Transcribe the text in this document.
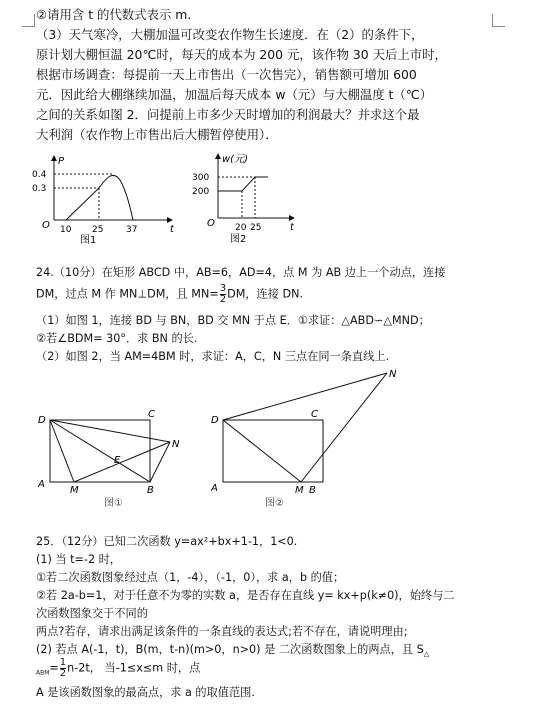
②请用含 t 的代数式表示 m.
（3）天气寒冷，大棚加温可改变农作物生长速度．在（2）的条件下，
原计划大棚恒温 20℃时，每天的成本为 200 元，该作物 30 天后上市时，
根据市场调查：每提前一天上市售出（一次售完），销售额可增加 600
元．因此给大棚继续加温，加温后每天成本 w（元）与大棚温度 t（℃）
之间的关系如图 2．问提前上市多少天时增加的利润最大？并求这个最
大利润（农作物上市售出后大棚暂停使用）．
P
O	t
0.4
0.3
10 25	37
图1
w(元)
O	t
300
200
20 25
图2
24.（10分）在矩形 ABCD 中，AB=6，AD=4，点 M 为 AB 边上一个动点，连接
DM，过点 M 作 MN⊥DM，且 $MN= \frac{3}{2}$ DM，连接 DN.
（1）如图 1，连接 BD 与 BN，BD 交 MN 于点 E．①求证：△ABD∽△MND；
②若∠BDM= 30°．求 BN 的长.
（2）如图 2，当 AM=4BM 时，求证：A，C，N 三点在同一条直线上.
D
C
A
M	B
E
N
图①
D
C
A	M B
N
图②
25．（12分）已知二次函数 y=ax²+bx+1-1，1<0.
(1) 当 t=-2 时，
①若二次函数图象经过点（1，-4），（-1，0），求 a，b 的值；
②若 2a-b=1，对于任意不为零的实数 a，是否存在直线 y= kx+p(k≠0)，始终与二
次函数图象交于不同的
两点?若存，请求出满足该条件的一条直线的表达式;若不存在，请说明理由;
(2) 若点 A(-1，t)，B(m，t-n)(m>0，n>0) 是 二次函数图象上的两点，且 $S_\triangle$
$_{ABM}= \frac{1}{2} n-2t$， 当-1≤x≤m 时，点
A 是该函数图象的最高点，求 a 的取值范围.
